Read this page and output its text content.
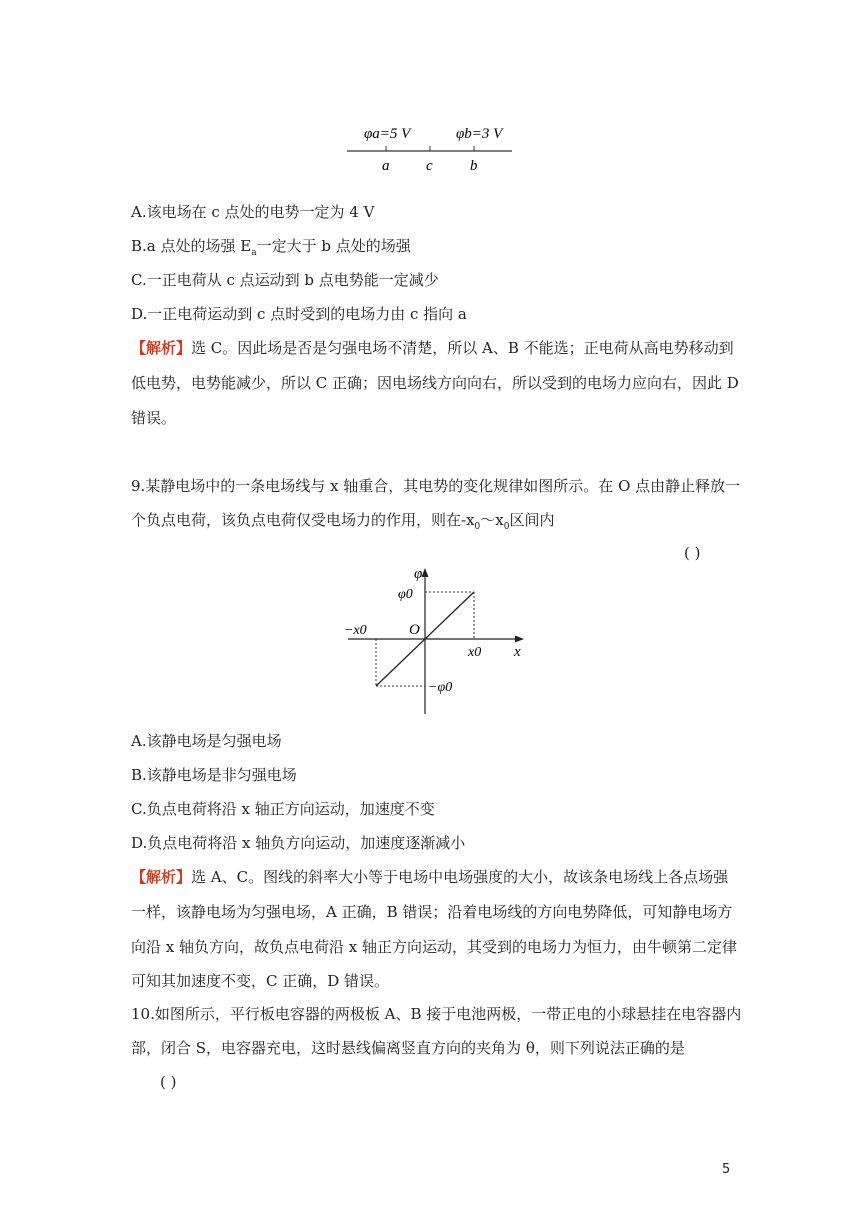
φa=5 V	φb=3 V
a c b
A.该电场在 c 点处的电势一定为 4 V
B.a 点处的场强 $E_a$一定大于 b 点处的场强
C.一正电荷从 c 点运动到 b 点电势能一定减少
D.一正电荷运动到 c 点时受到的电场力由 c 指向 a
【解析】选 C。因此场是否是匀强电场不清楚，所以 A、B 不能选；正电荷从高电势移动到
低电势，电势能减少，所以 C 正确；因电场线方向向右，所以受到的电场力应向右，因此 D
错误。
9.某静电场中的一条电场线与 x 轴重合，其电势的变化规律如图所示。在 O 点由静止释放一
个负点电荷，该负点电荷仅受电场力的作用，则在$-x_0\sim x_0$区间内
( )
φ
φ0
−x0	O
x0 x
−φ0
A.该静电场是匀强电场
B.该静电场是非匀强电场
C.负点电荷将沿 x 轴正方向运动，加速度不变
D.负点电荷将沿 x 轴负方向运动，加速度逐渐减小
【解析】选 A、C。图线的斜率大小等于电场中电场强度的大小，故该条电场线上各点场强
一样，该静电场为匀强电场，A 正确，B 错误；沿着电场线的方向电势降低，可知静电场方
向沿 x 轴负方向，故负点电荷沿 x 轴正方向运动，其受到的电场力为恒力，由牛顿第二定律
可知其加速度不变，C 正确，D 错误。
10.如图所示，平行板电容器的两极板 A、B 接于电池两极，一带正电的小球悬挂在电容器内
部，闭合 S，电容器充电，这时悬线偏离竖直方向的夹角为 θ，则下列说法正确的是
( )
5
